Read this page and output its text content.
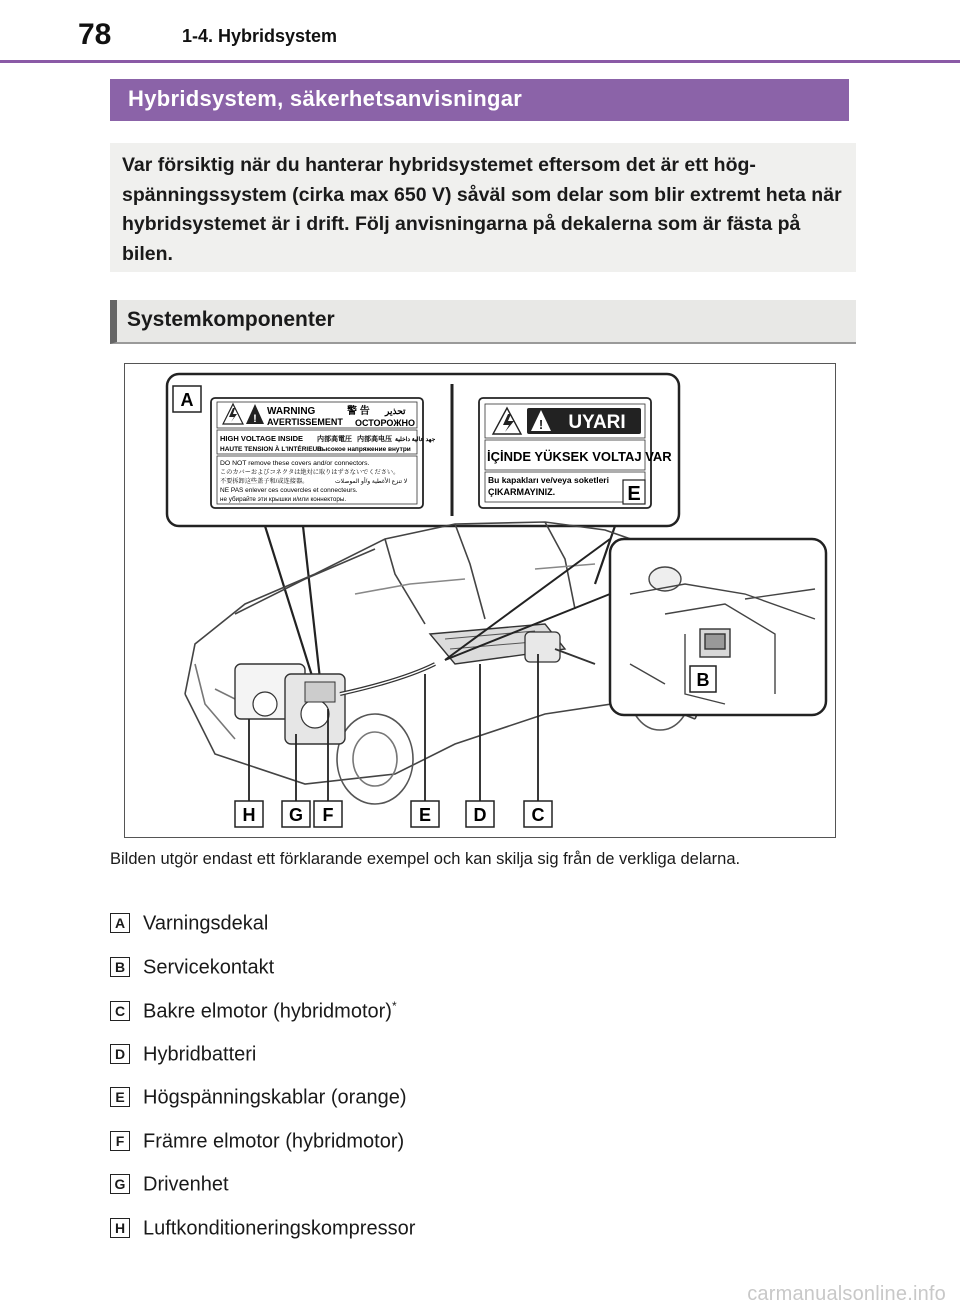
78	1-4. Hybridsystem
Hybridsystem, säkerhetsanvisningar
Var försiktig när du hanterar hybridsystemet eftersom det är ett hög-spänningssystem (cirka max 650 V) såväl som delar som blir extremt heta när hybridsystemet är i drift. Följ anvisningarna på dekalerna som är fästa på bilen.
Systemkomponenter
A
!
WARNING
AVERTISSEMENT
警 告 تحذير
ОСТОРОЖНО
HIGH VOLTAGE INSIDE
HAUTE TENSION À L'INTÉRIEUR
内部高電圧 内部高电压 جهد عالية داخلية
Высокое напряжение внутри
DO NOT remove these covers and/or connectors.
このカバーおよびコネクタは絶対に取りはずさないでください。
不要拆卸这些盖子和/或连接器。	لا تنزع الأغطية و/أو الموصلات
NE PAS enlever ces couvercles et connecteurs.
не убирайте эти крышки и/или коннекторы.
! UYARI
İÇİNDE YÜKSEK VOLTAJ VAR
Bu kapakları ve/veya soketleri
ÇIKARMAYINIZ.	E
B
H G F	E D	C
Bilden utgör endast ett förklarande exempel och kan skilja sig från de verkliga delarna.
A Varningsdekal
B Servicekontakt
C Bakre elmotor (hybridmotor)*
D Hybridbatteri
E Högspänningskablar (orange)
F Främre elmotor (hybridmotor)
G Drivenhet
H Luftkonditioneringskompressor
carmanualsonline.info
